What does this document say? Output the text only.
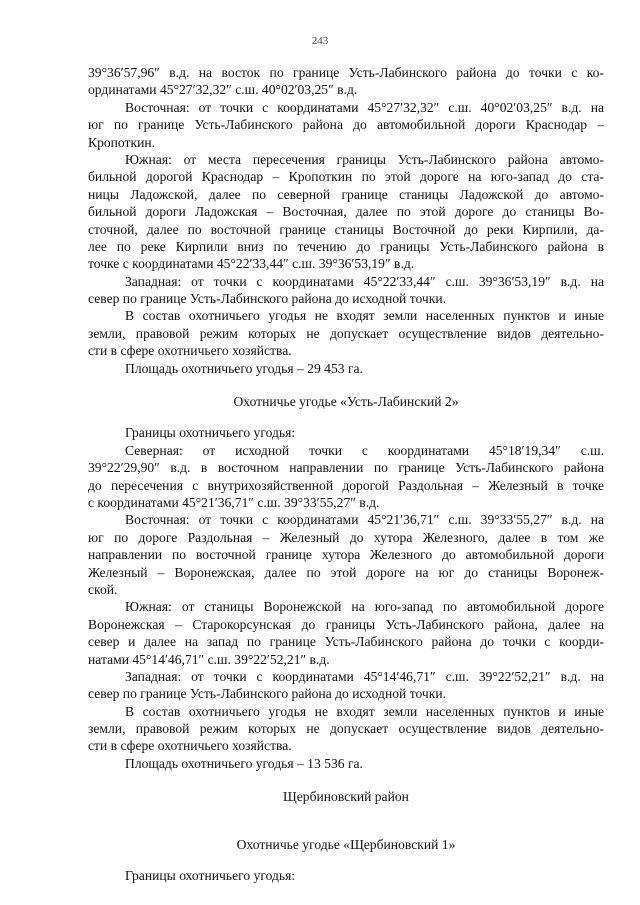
243
39°36′57,96″ в.д. на восток по границе Усть-Лабинского района до точки с ко-
ординатами 45°27′32,32″ с.ш. 40°02′03,25″ в.д.
Восточная: от точки с координатами 45°27′32,32″ с.ш. 40°02′03,25″ в.д. на
юг по границе Усть-Лабинского района до автомобильной дороги Краснодар –
Кропоткин.
Южная: от места пересечения границы Усть-Лабинского района автомо-
бильной дорогой Краснодар – Кропоткин по этой дороге на юго-запад до ста-
ницы Ладожской, далее по северной границе станицы Ладожской до автомо-
бильной дороги Ладожская – Восточная, далее по этой дороге до станицы Во-
сточной, далее по восточной границе станицы Восточной до реки Кирпили, да-
лее по реке Кирпили вниз по течению до границы Усть-Лабинского района в
точке с координатами 45°22′33,44″ с.ш. 39°36′53,19″ в.д.
Западная: от точки с координатами 45°22′33,44″ с.ш. 39°36′53,19″ в.д. на
север по границе Усть-Лабинского района до исходной точки.
В состав охотничьего угодья не входят земли населенных пунктов и иные
земли, правовой режим которых не допускает осуществление видов деятельно-
сти в сфере охотничьего хозяйства.
Площадь охотничьего угодья – 29 453 га.
Охотничье угодье «Усть-Лабинский 2»
Границы охотничьего угодья:
Северная: от исходной точки с координатами 45°18′19,34″ с.ш.
39°22′29,90″ в.д. в восточном направлении по границе Усть-Лабинского района
до пересечения с внутрихозяйственной дорогой Раздольная – Железный в точке
с координатами 45°21′36,71″ с.ш. 39°33′55,27″ в.д.
Восточная: от точки с координатами 45°21′36,71″ с.ш. 39°33′55,27″ в.д. на
юг по дороге Раздольная – Железный до хутора Железного, далее в том же
направлении по восточной границе хутора Железного до автомобильной дороги
Железный – Воронежская, далее по этой дороге на юг до станицы Воронеж-
ской.
Южная: от станицы Воронежской на юго-запад по автомобильной дороге
Воронежская – Старокорсунская до границы Усть-Лабинского района, далее на
север и далее на запад по границе Усть-Лабинского района до точки с коорди-
натами 45°14′46,71″ с.ш. 39°22′52,21″ в.д.
Западная: от точки с координатами 45°14′46,71″ с.ш. 39°22′52,21″ в.д. на
север по границе Усть-Лабинского района до исходной точки.
В состав охотничьего угодья не входят земли населенных пунктов и иные
земли, правовой режим которых не допускает осуществление видов деятельно-
сти в сфере охотничьего хозяйства.
Площадь охотничьего угодья – 13 536 га.
Щербиновский район
Охотничье угодье «Щербиновский 1»
Границы охотничьего угодья:
